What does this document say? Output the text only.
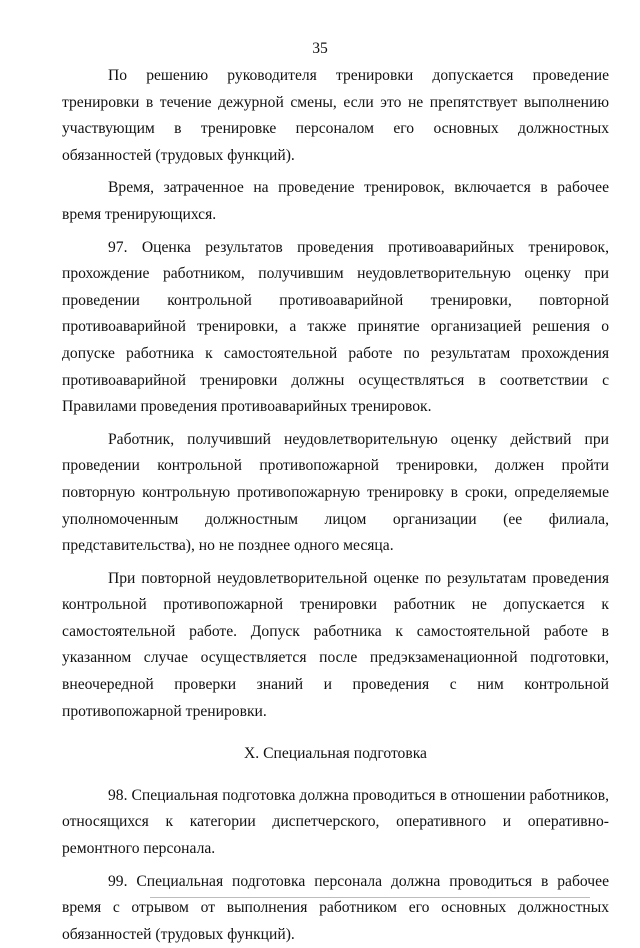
35

По решению руководителя тренировки допускается проведение тренировки в течение дежурной смены, если это не препятствует выполнению участвующим в тренировке персоналом его основных должностных обязанностей (трудовых функций).

Время, затраченное на проведение тренировок, включается в рабочее время тренирующихся.

97. Оценка результатов проведения противоаварийных тренировок, прохождение работником, получившим неудовлетворительную оценку при проведении контрольной противоаварийной тренировки, повторной противоаварийной тренировки, а также принятие организацией решения о допуске работника к самостоятельной работе по результатам прохождения противоаварийной тренировки должны осуществляться в соответствии с Правилами проведения противоаварийных тренировок.

Работник, получивший неудовлетворительную оценку действий при проведении контрольной противопожарной тренировки, должен пройти повторную контрольную противопожарную тренировку в сроки, определяемые уполномоченным должностным лицом организации (ее филиала, представительства), но не позднее одного месяца.

При повторной неудовлетворительной оценке по результатам проведения контрольной противопожарной тренировки работник не допускается к самостоятельной работе. Допуск работника к самостоятельной работе в указанном случае осуществляется после предэкзаменационной подготовки, внеочередной проверки знаний и проведения с ним контрольной противопожарной тренировки.

X. Специальная подготовка

98. Специальная подготовка должна проводиться в отношении работников, относящихся к категории диспетчерского, оперативного и оперативно-ремонтного персонала.

99. Специальная подготовка персонала должна проводиться в рабочее время с отрывом от выполнения работником его основных должностных обязанностей (трудовых функций).
